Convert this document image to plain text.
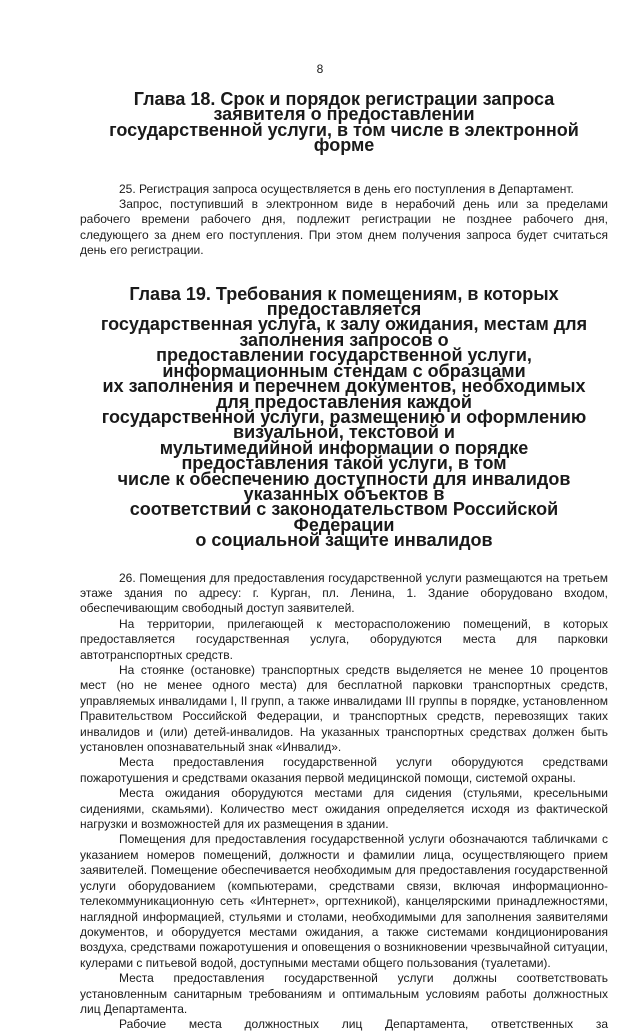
8
Глава 18. Срок и порядок регистрации запроса заявителя о предоставлении
государственной услуги, в том числе в электронной форме

25. Регистрация запроса осуществляется в день его поступления в Департамент.

Запрос, поступивший в электронном виде в нерабочий день или за пределами рабочего времени рабочего дня, подлежит регистрации не позднее рабочего дня, следующего за днем его поступления. При этом днем получения запроса будет считаться день его регистрации.

Глава 19. Требования к помещениям, в которых предоставляется
государственная услуга, к залу ожидания, местам для заполнения запросов о
предоставлении государственной услуги, информационным стендам с образцами
их заполнения и перечнем документов, необходимых для предоставления каждой
государственной услуги, размещению и оформлению визуальной, текстовой и
мультимедийной информации о порядке предоставления такой услуги, в том
числе к обеспечению доступности для инвалидов указанных объектов в
соответствии с законодательством Российской Федерации
о социальной защите инвалидов

26. Помещения для предоставления государственной услуги размещаются на третьем этаже здания по адресу: г. Курган, пл. Ленина, 1. Здание оборудовано входом, обеспечивающим свободный доступ заявителей.

На территории, прилегающей к месторасположению помещений, в которых предоставляется государственная услуга, оборудуются места для парковки автотранспортных средств.

На стоянке (остановке) транспортных средств выделяется не менее 10 процентов мест (но не менее одного места) для бесплатной парковки транспортных средств, управляемых инвалидами I, II групп, а также инвалидами III группы в порядке, установленном Правительством Российской Федерации, и транспортных средств, перевозящих таких инвалидов и (или) детей-инвалидов. На указанных транспортных средствах должен быть установлен опознавательный знак «Инвалид».

Места предоставления государственной услуги оборудуются средствами пожаротушения и средствами оказания первой медицинской помощи, системой охраны.

Места ожидания оборудуются местами для сидения (стульями, кресельными сидениями, скамьями). Количество мест ожидания определяется исходя из фактической нагрузки и возможностей для их размещения в здании.

Помещения для предоставления государственной услуги обозначаются табличками с указанием номеров помещений, должности и фамилии лица, осуществляющего прием заявителей. Помещение обеспечивается необходимым для предоставления государственной услуги оборудованием (компьютерами, средствами связи, включая информационно-телекоммуникационную сеть «Интернет», оргтехникой), канцелярскими принадлежностями, наглядной информацией, стульями и столами, необходимыми для заполнения заявителями документов, и оборудуется местами ожидания, а также системами кондиционирования воздуха, средствами пожаротушения и оповещения о возникновении чрезвычайной ситуации, кулерами с питьевой водой, доступными местами общего пользования (туалетами).

Места предоставления государственной услуги должны соответствовать установленным санитарным требованиям и оптимальным условиям работы должностных лиц Департамента.

Рабочие места должностных лиц Департамента, ответственных за
